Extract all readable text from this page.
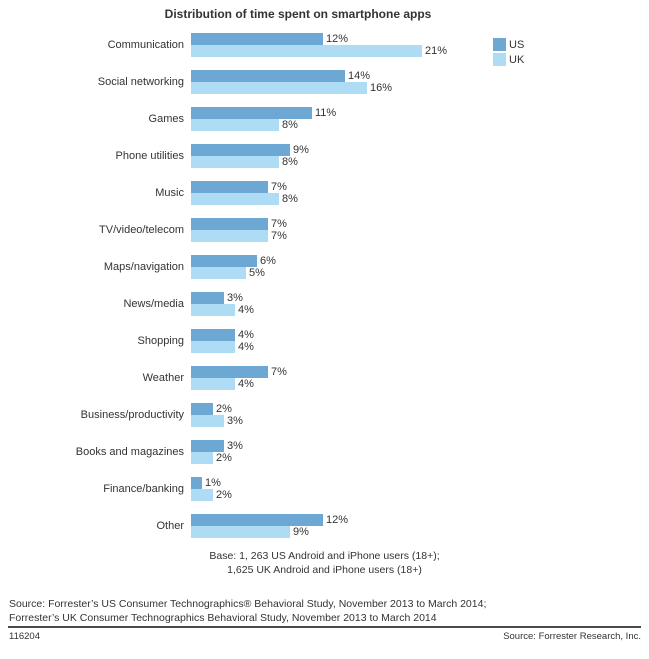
Distribution of time spent on smartphone apps
US
UK
Communication	12%
21%
Social networking	14%
16%
Games	11%
8%
Phone utilities	9%
8%
Music	7%
8%
TV/video/telecom	7%
7%
Maps/navigation	6%
5%
News/media	3%
4%
Shopping	4%
4%
Weather	7%
4%
Business/productivity	2%
3%
Books and magazines	3%
2%
Finance/banking 1%
2%
Other	12%
9%
Base: 1, 263 US Android and iPhone users (18+);
1,625 UK Android and iPhone users (18+)
Source: Forrester’s US Consumer Technographics® Behavioral Study, November 2013 to March 2014;
Forrester’s UK Consumer Technographics Behavioral Study, November 2013 to March 2014
116204	Source: Forrester Research, Inc.
